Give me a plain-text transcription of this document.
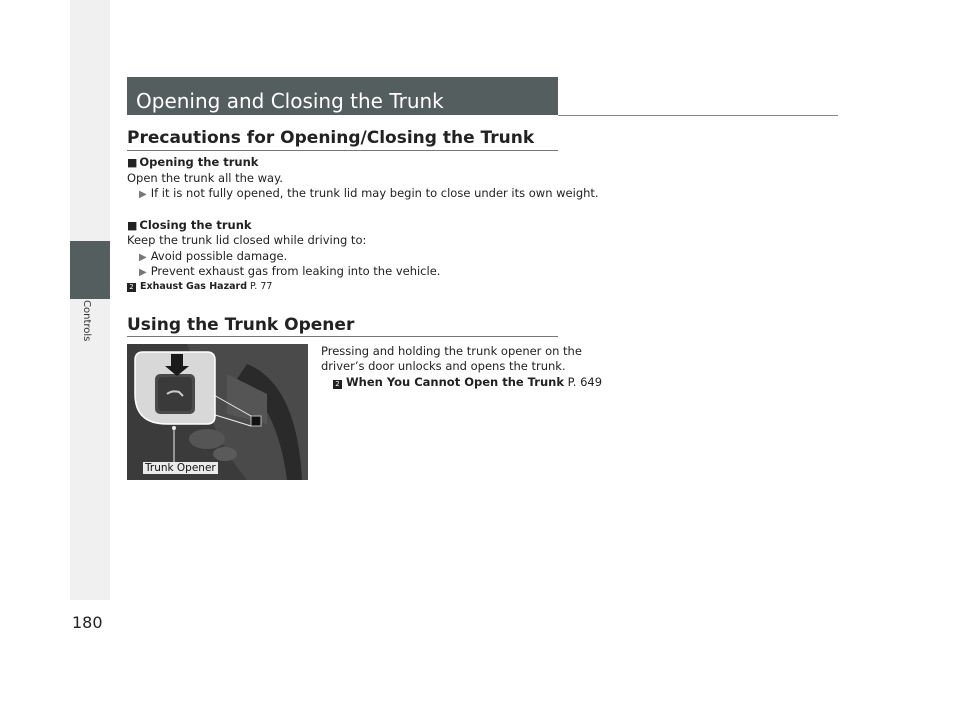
Controls
180
Opening and Closing the Trunk
Precautions for Opening/Closing the Trunk
■ Opening the trunk
Open the trunk all the way.
▶ If it is not fully opened, the trunk lid may begin to close under its own weight.
■ Closing the trunk
Keep the trunk lid closed while driving to:
▶ Avoid possible damage.
▶ Prevent exhaust gas from leaking into the vehicle.
2 Exhaust Gas Hazard P. 77
Using the Trunk Opener
Trunk Opener
Pressing and holding the trunk opener on the
driver’s door unlocks and opens the trunk.
2 When You Cannot Open the Trunk P. 649
